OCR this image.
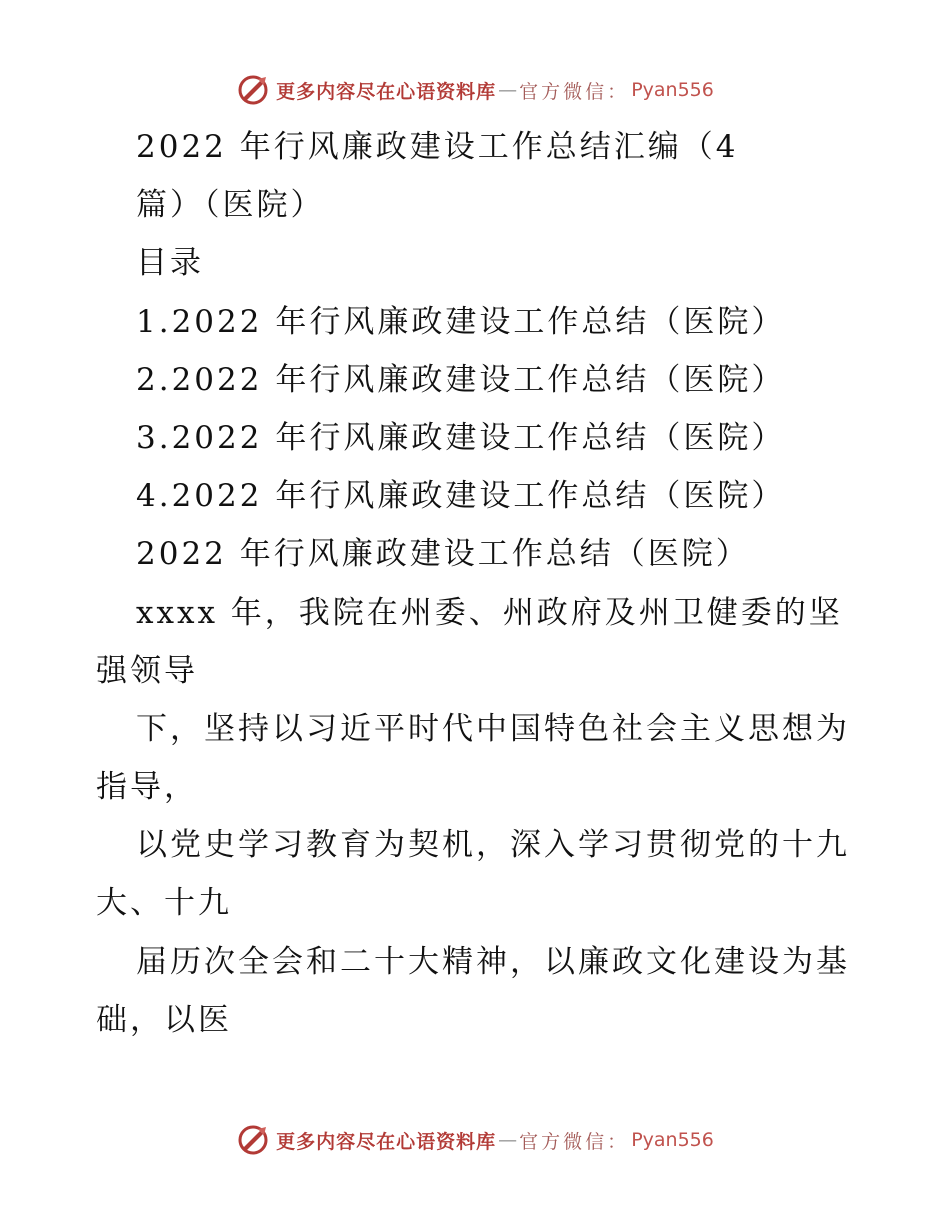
更多内容尽在心语资料库 — 官方微信： Pyan556
2022 年行风廉政建设工作总结汇编（4
篇）（医院）
目录
1.2022 年行风廉政建设工作总结（医院）
2.2022 年行风廉政建设工作总结（医院）
3.2022 年行风廉政建设工作总结（医院）
4.2022 年行风廉政建设工作总结（医院）
2022 年行风廉政建设工作总结（医院）
xxxx 年，我院在州委、州政府及州卫健委的坚
强领导
下，坚持以习近平时代中国特色社会主义思想为
指导，
以党史学习教育为契机，深入学习贯彻党的十九
大、十九
届历次全会和二十大精神，以廉政文化建设为基
础，以医
更多内容尽在心语资料库 — 官方微信： Pyan556
